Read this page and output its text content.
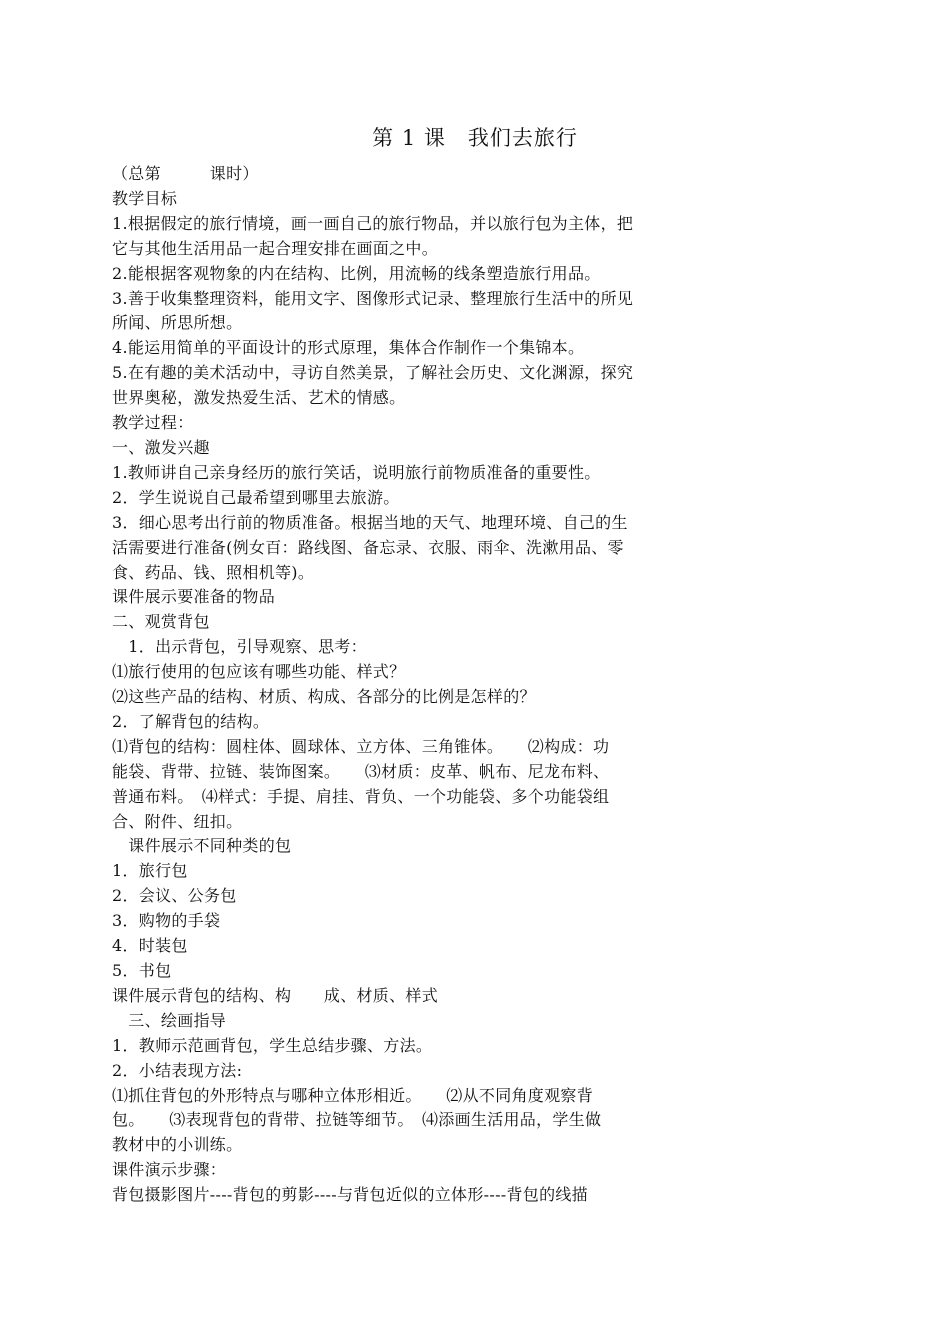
第 1 课　我们去旅行

（总第　　　课时）

教学目标

1.根据假定的旅行情境，画一画自己的旅行物品，并以旅行包为主体，把

它与其他生活用品一起合理安排在画面之中。

2.能根据客观物象的内在结构、比例，用流畅的线条塑造旅行用品。

3.善于收集整理资料，能用文字、图像形式记录、整理旅行生活中的所见

所闻、所思所想。

4.能运用简单的平面设计的形式原理，集体合作制作一个集锦本。

5.在有趣的美术活动中，寻访自然美景，了解社会历史、文化渊源，探究

世界奥秘，激发热爱生活、艺术的情感。

教学过程：

一、激发兴趣

1.教师讲自己亲身经历的旅行笑话，说明旅行前物质准备的重要性。

2．学生说说自己最希望到哪里去旅游。

3．细心思考出行前的物质准备。根据当地的天气、地理环境、自己的生

活需要进行准备(例女百：路线图、备忘录、衣服、雨伞、洗漱用品、零

食、药品、钱、照相机等)。

课件展示要准备的物品

二、观赏背包

　1．出示背包，引导观察、思考：

⑴旅行使用的包应该有哪些功能、样式？

⑵这些产品的结构、材质、构成、各部分的比例是怎样的？

2．了解背包的结构。

⑴背包的结构：圆柱体、圆球体、立方体、三角锥体。　　⑵构成：功

能袋、背带、拉链、装饰图案。　　⑶材质：皮革、帆布、尼龙布料、

普通布料。　⑷样式：手提、肩挂、背负、一个功能袋、多个功能袋组

合、附件、纽扣。

　课件展示不同种类的包

1．旅行包

2．会议、公务包

3．购物的手袋

4．时装包

5．书包

课件展示背包的结构、构　　成、材质、样式

　三、绘画指导

1．教师示范画背包，学生总结步骤、方法。

2．小结表现方法:

⑴抓住背包的外形特点与哪种立体形相近。　　⑵从不同角度观察背

包。　　⑶表现背包的背带、拉链等细节。　⑷添画生活用品，学生做

教材中的小训练。

课件演示步骤：

背包摄影图片----背包的剪影----与背包近似的立体形----背包的线描
